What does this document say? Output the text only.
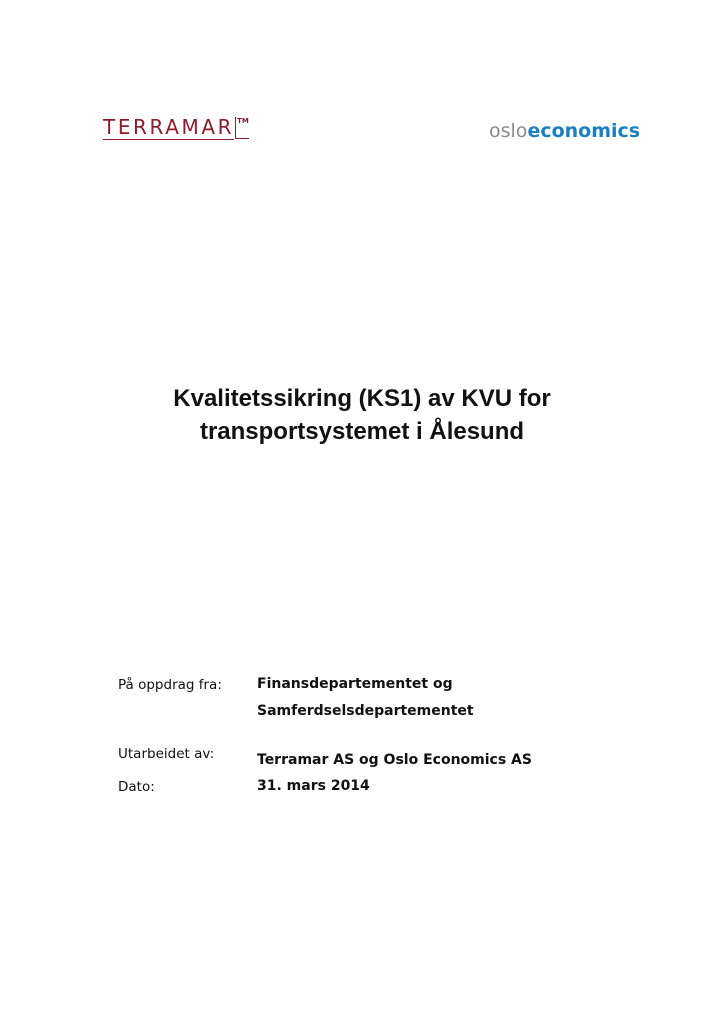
TERRAMAR TM	osloeconomics
Kvalitetssikring (KS1) av KVU for
transportsystemet i Ålesund
På oppdrag fra:	Finansdepartementet og
Samferdselsdepartementet
Utarbeidet av:	Terramar AS og Oslo Economics AS
Dato:	31. mars 2014
